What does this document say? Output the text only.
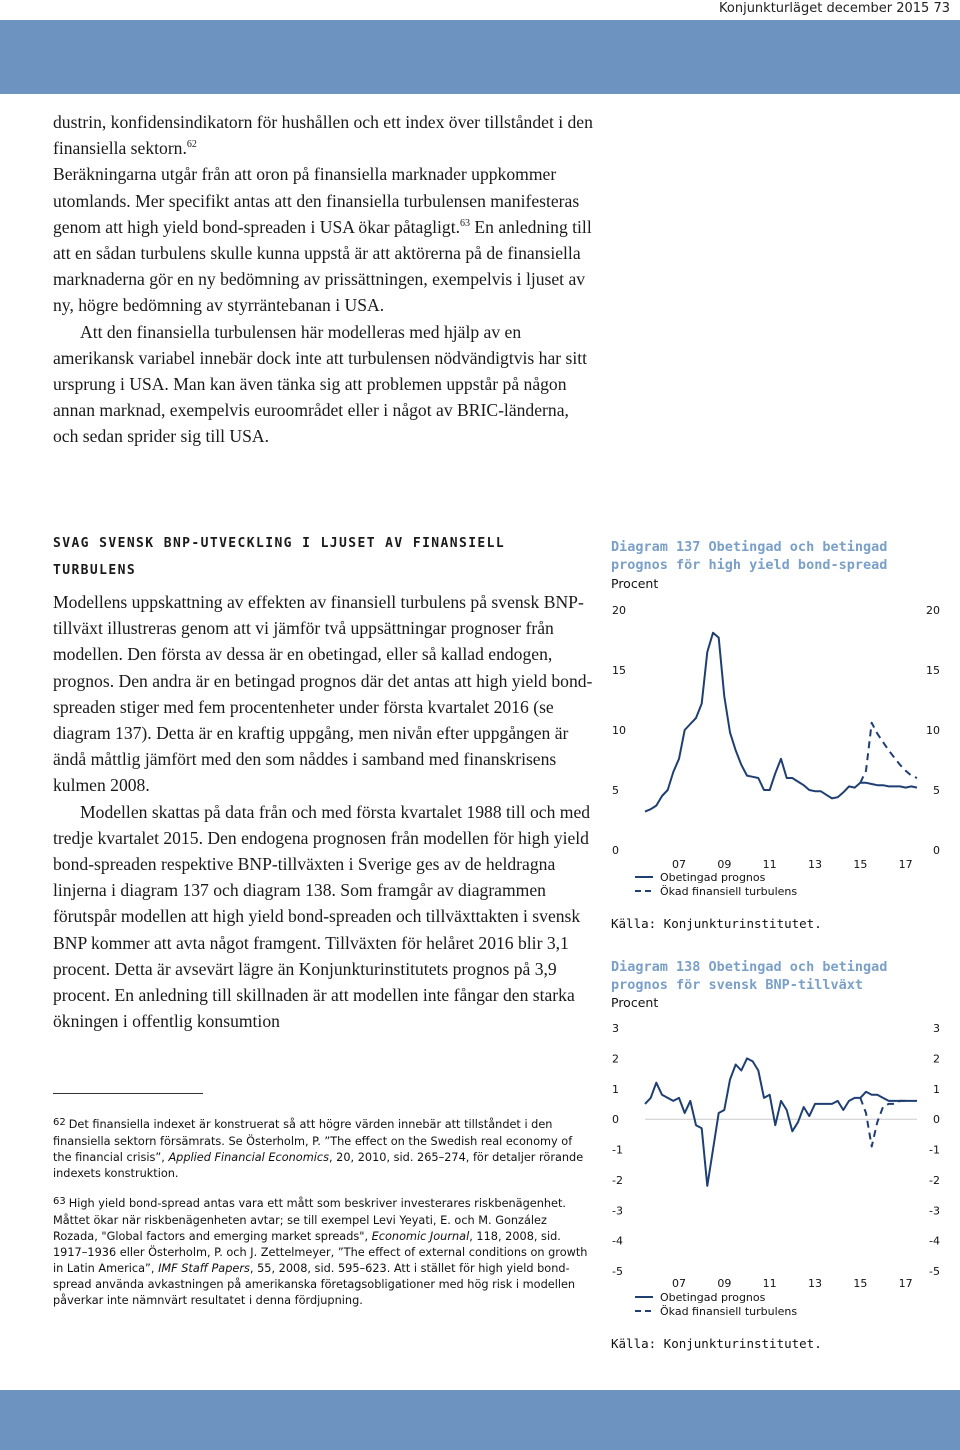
Konjunkturläget december 2015 73

dustrin, konfidensindikatorn för hushållen och ett index över tillståndet i den finansiella sektorn.$^{62}$

Beräkningarna utgår från att oron på finansiella marknader uppkommer utomlands. Mer specifikt antas att den finansiella turbulensen manifesteras genom att high yield bond-spreaden i USA ökar påtagligt.$^{63}$ En anledning till att en sådan turbulens skulle kunna uppstå är att aktörerna på de finansiella marknaderna gör en ny bedömning av prissättningen, exempelvis i ljuset av ny, högre bedömning av styrräntebanan i USA.

Att den finansiella turbulensen här modelleras med hjälp av en amerikansk variabel innebär dock inte att turbulensen nödvändigtvis har sitt ursprung i USA. Man kan även tänka sig att problemen uppstår på någon annan marknad, exempelvis euroområdet eller i något av BRIC-länderna, och sedan sprider sig till USA.

SVAG SVENSK BNP-UTVECKLING I LJUSET AV FINANSIELL TURBULENS

Modellens uppskattning av effekten av finansiell turbulens på svensk BNP-tillväxt illustreras genom att vi jämför två uppsättningar prognoser från modellen. Den första av dessa är en obetingad, eller så kallad endogen, prognos. Den andra är en betingad prognos där det antas att high yield bond-spreaden stiger med fem procentenheter under första kvartalet 2016 (se diagram 137). Detta är en kraftig uppgång, men nivån efter uppgången är ändå måttlig jämfört med den som nåddes i samband med finanskrisens kulmen 2008.

Modellen skattas på data från och med första kvartalet 1988 till och med tredje kvartalet 2015. Den endogena prognosen från modellen för high yield bond-spreaden respektive BNP-tillväxten i Sverige ges av de heldragna linjerna i diagram 137 och diagram 138. Som framgår av diagrammen förutspår modellen att high yield bond-spreaden och tillväxttakten i svensk BNP kommer att avta något framgent. Tillväxten för helåret 2016 blir 3,1 procent. Detta är avsevärt lägre än Konjunkturinstitutets prognos på 3,9 procent. En anledning till skillnaden är att modellen inte fångar den starka ökningen i offentlig konsumtion

62 Det finansiella indexet är konstruerat så att högre värden innebär att tillståndet i den finansiella sektorn försämrats. Se Österholm, P. ”The effect on the Swedish real economy of the financial crisis”, Applied Financial Economics, 20, 2010, sid. 265–274, för detaljer rörande indexets konstruktion.

63 High yield bond-spread antas vara ett mått som beskriver investerares riskbenägenhet. Måttet ökar när riskbenägenheten avtar; se till exempel Levi Yeyati, E. och M. González Rozada, "Global factors and emerging market spreads", Economic Journal, 118, 2008, sid. 1917–1936 eller Österholm, P. och J. Zettelmeyer, ”The effect of external conditions on growth in Latin America”, IMF Staff Papers, 55, 2008, sid. 595–623. Att i stället för high yield bond-spread använda avkastningen på amerikanska företagsobligationer med hög risk i modellen påverkar inte nämnvärt resultatet i denna fördjupning.

Diagram 137 Obetingad och betingad prognos för high yield bond-spread
Procent
0	0
5	5
10	10
15	15
20	20
07	09	11	13	15	17
Obetingad prognos
Ökad finansiell turbulens
Källa: Konjunkturinstitutet.
Diagram 138 Obetingad och betingad prognos för svensk BNP-tillväxt
Procent
-5	-5
-4	-4
-3	-3
-2	-2
-1	-1
0	0
1	1
2	2
3	3
07	09	11	13	15	17
Obetingad prognos
Ökad finansiell turbulens
Källa: Konjunkturinstitutet.
